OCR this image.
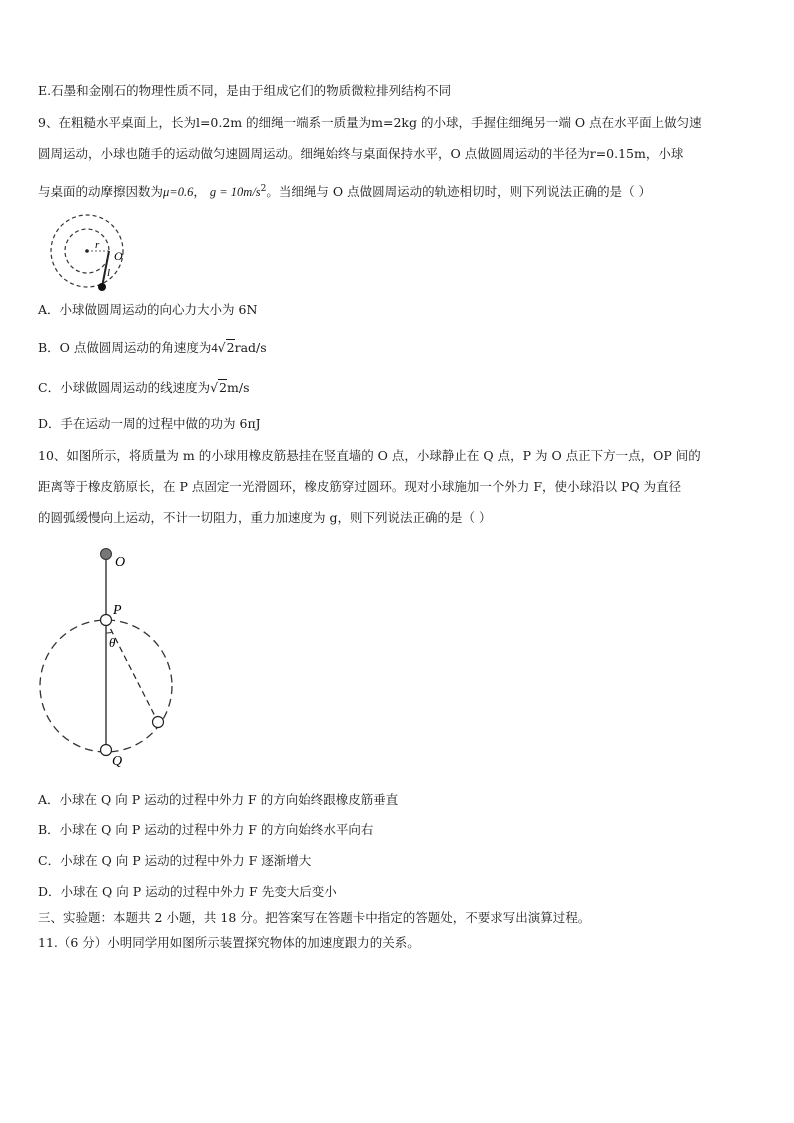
E.石墨和金刚石的物理性质不同，是由于组成它们的物质微粒排列结构不同
9、在粗糙水平桌面上，长为l=0.2m 的细绳一端系一质量为m=2kg 的小球，手握住细绳另一端 O 点在水平面上做匀速
圆周运动，小球也随手的运动做匀速圆周运动。细绳始终与桌面保持水平，O 点做圆周运动的半径为r=0.15m，小球
与桌面的动摩擦因数为μ=0.6， $g = 10m/s^2$。当细绳与 O 点做圆周运动的轨迹相切时，则下列说法正确的是（ ）
r
O
l
A．小球做圆周运动的向心力大小为 6N
B．O 点做圆周运动的角速度为4√2rad/s
C．小球做圆周运动的线速度为√2m/s
D．手在运动一周的过程中做的功为 6πJ
10、如图所示，将质量为 m 的小球用橡皮筋悬挂在竖直墙的 O 点，小球静止在 Q 点，P 为 O 点正下方一点，OP 间的
距离等于橡皮筋原长，在 P 点固定一光滑圆环，橡皮筋穿过圆环。现对小球施加一个外力 F，使小球沿以 PQ 为直径
的圆弧缓慢向上运动，不计一切阻力，重力加速度为 g，则下列说法正确的是（ ）
O
P
θ
Q
A．小球在 Q 向 P 运动的过程中外力 F 的方向始终跟橡皮筋垂直
B．小球在 Q 向 P 运动的过程中外力 F 的方向始终水平向右
C．小球在 Q 向 P 运动的过程中外力 F 逐渐增大
D．小球在 Q 向 P 运动的过程中外力 F 先变大后变小
三、实验题：本题共 2 小题，共 18 分。把答案写在答题卡中指定的答题处，不要求写出演算过程。
11.（6 分）小明同学用如图所示装置探究物体的加速度跟力的关系。
